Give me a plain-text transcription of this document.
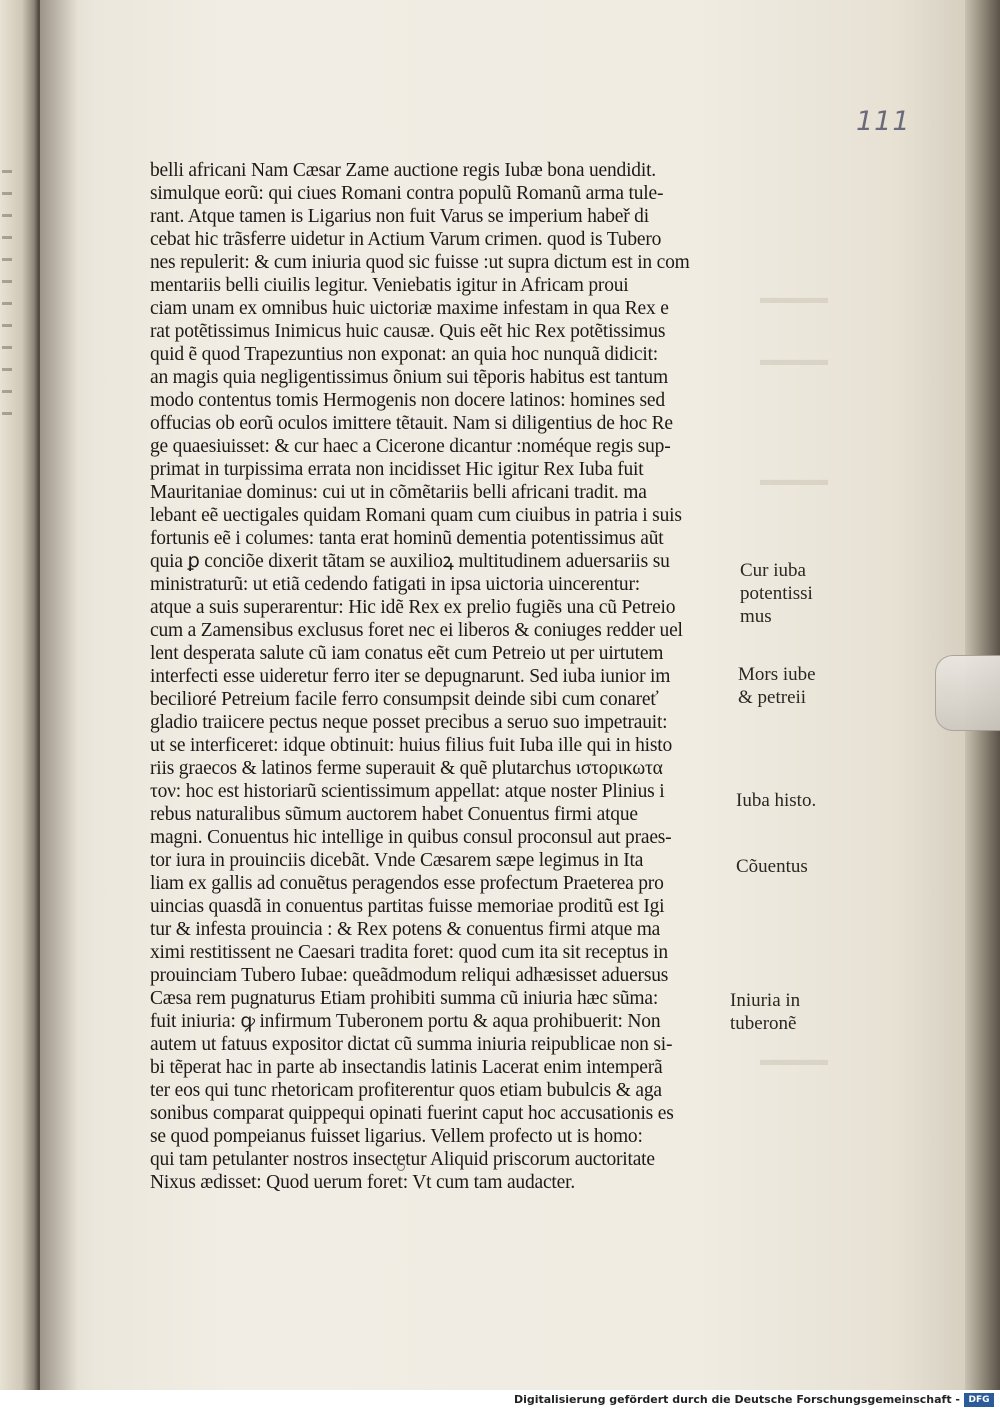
111
▬▬▬▬
▬▬▬▬
▬▬▬▬
▬▬▬▬
belli africani Nam Cæsar Zame auctione regis Iubæ bona uendidit.
simulque eorũ: qui ciues Romani contra populũ Romanũ arma tule-
rant. Atque tamen is Ligarius non fuit Varus se imperium habeř di
cebat hic trãsferre uidetur in Actium Varum crimen. quod is Tubero
nes repulerit: & cum iniuria quod sic fuisse :ut supra dictum est in com
mentariis belli ciuilis legitur. Veniebatis igitur in Africam proui
ciam unam ex omnibus huic uictoriæ maxime infestam in qua Rex e
rat potẽtissimus Inimicus huic causæ. Quis eẽt hic Rex potẽtissimus
quid ẽ quod Trapezuntius non exponat: an quia hoc nunquã didicit:
an magis quia negligentissimus õnium sui tẽporis habitus est tantum
modo contentus tomis Hermogenis non docere latinos: homines sed
offucias ob eorũ oculos imittere tẽtauit. Nam si diligentius de hoc Re
ge quaesiuisset: & cur haec a Cicerone dicantur :noméque regis sup-
primat in turpissima errata non incidisset Hic igitur Rex Iuba fuit
Mauritaniae dominus: cui ut in cõmẽtariis belli africani tradit. ma
lebant eẽ uectigales quidam Romani quam cum ciuibus in patria i suis
fortunis eẽ i columes: tanta erat hominũ dementia potentissimus aũt
quia ꝑ conciõe dixerit tãtam se auxilioꝝ multitudinem aduersariis su
ministraturũ: ut etiã cedendo fatigati in ipsa uictoria uincerentur:
atque a suis superarentur: Hic idẽ Rex ex prelio fugiẽs una cũ Petreio
cum a Zamensibus exclusus foret nec ei liberos & coniuges redder uel
lent desperata salute cũ iam conatus eẽt cum Petreio ut per uirtutem
interfecti esse uideretur ferro iter se depugnarunt. Sed iuba iunior im
becilioré Petreium facile ferro consumpsit deinde sibi cum conareť
gladio traiicere pectus neque posset precibus a seruo suo impetrauit:
ut se interficeret: idque obtinuit: huius filius fuit Iuba ille qui in histo
riis graecos & latinos ferme superauit & quẽ plutarchus ιστορικωτα
τον: hoc est historiarũ scientissimum appellat: atque noster Plinius i
rebus naturalibus sũmum auctorem habet Conuentus firmi atque
magni. Conuentus hic intellige in quibus consul proconsul aut praes-
tor iura in prouinciis dicebãt. Vnde Cæsarem sæpe legimus in Ita
liam ex gallis ad conuẽtus peragendos esse profectum Praeterea pro
uincias quasdã in conuentus partitas fuisse memoriae proditũ est Igi
tur & infesta prouincia : & Rex potens & conuentus firmi atque ma
ximi restitissent ne Caesari tradita foret: quod cum ita sit receptus in
prouinciam Tubero Iubae: queãdmodum reliqui adhæsisset aduersus
Cæsa rem pugnaturus Etiam prohibiti summa cũ iniuria hæc sũma:
fuit iniuria: ꝙ infirmum Tuberonem portu & aqua prohibuerit: Non
autem ut fatuus expositor dictat cũ summa iniuria reipublicae non si-
bi tẽperat hac in parte ab insectandis latinis Lacerat enim intemperã
ter eos qui tunc rhetoricam profiterentur quos etiam bubulcis & aga
sonibus comparat quippequi opinati fuerint caput hoc accusationis es
se quod pompeianus fuisset ligarius. Vellem profecto ut is homo:
qui tam petulanter nostros insectetur Aliquid priscorum auctoritate
Nixus ædisset: Quod uerum foret: Vt cum tam audacter.
Cur iuba
potentissi
mus
Mors iube
& petreii
Iuba histo.
Cõuentus
Iniuria in
tuberonẽ
Digitalisierung gefördert durch die Deutsche Forschungsgemeinschaft - DFG
